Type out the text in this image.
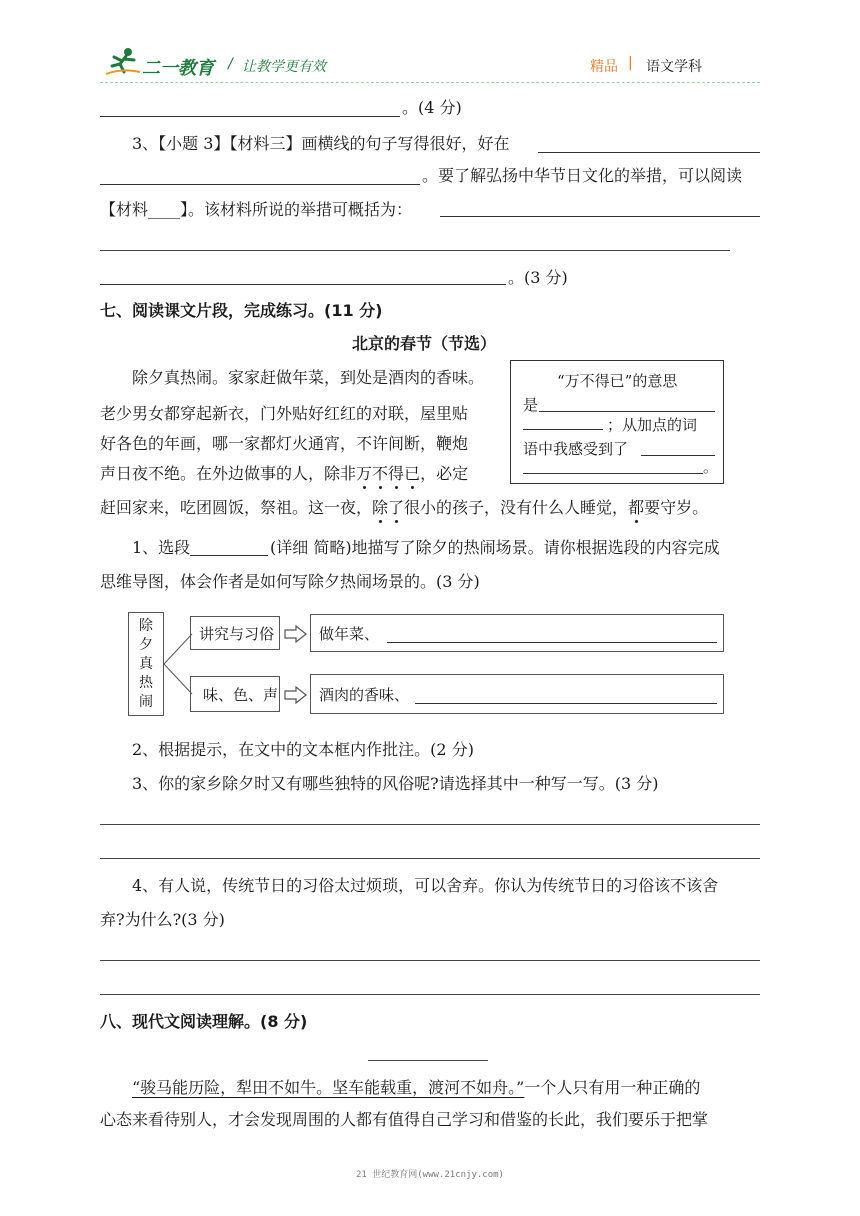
二一教育 / 让教学更有效	精品 | 语文学科
。(4 分)
3、【小题 3】【材料三】画横线的句子写得很好，好在
。要了解弘扬中华节日文化的举措，可以阅读
【材料____】。该材料所说的举措可概括为：
。(3 分)
七、阅读课文片段，完成练习。(11 分)
北京的春节（节选）
除夕真热闹。家家赶做年菜，到处是酒肉的香味。
老少男女都穿起新衣，门外贴好红红的对联，屋里贴
好各色的年画，哪一家都灯火通宵，不许间断，鞭炮
声日夜不绝。在外边做事的人，除非万不得已，必定
赶回家来，吃团圆饭，祭祖。这一夜，除了很小的孩子，没有什么人睡觉，都要守岁。
“万不得已”的意思
是
；从加点的词
语中我感受到了
。
1、选段	(详细 简略)地描写了除夕的热闹场景。请你根据选段的内容完成
思维导图，体会作者是如何写除夕热闹场景的。(3 分)
除
夕
真
热
闹
讲究与习俗
味、色、声
做年菜、
酒肉的香味、
2、根据提示，在文中的文本框内作批注。(2 分)
3、你的家乡除夕时又有哪些独特的风俗呢?请选择其中一种写一写。(3 分)
4、有人说，传统节日的习俗太过烦琐，可以舍弃。你认为传统节日的习俗该不该舍
弃?为什么?(3 分)
八、现代文阅读理解。(8 分)
“骏马能历险，犁田不如牛。坚车能载重，渡河不如舟。”一个人只有用一种正确的
心态来看待别人，才会发现周围的人都有值得自己学习和借鉴的长此，我们要乐于把掌
21 世纪教育网(www.21cnjy.com)
